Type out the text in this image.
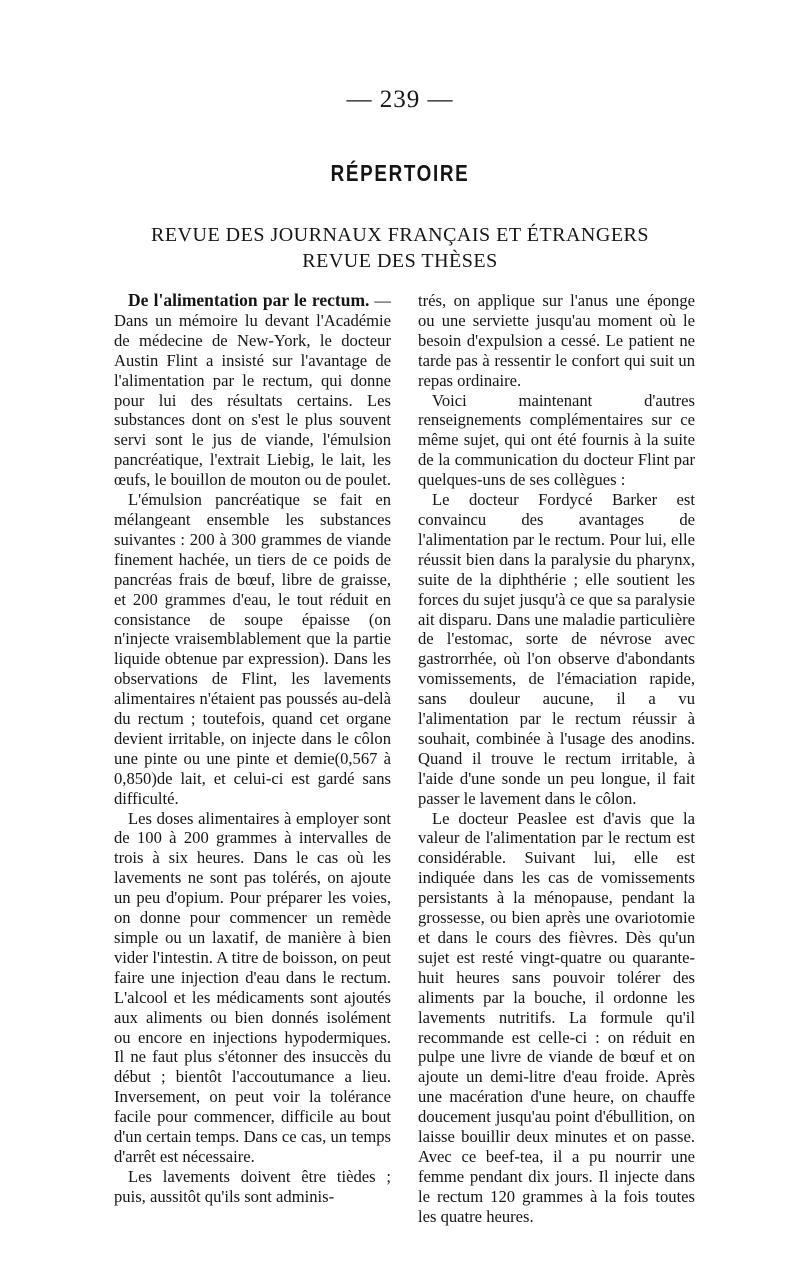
— 239 —
RÉPERTOIRE
REVUE DES JOURNAUX FRANÇAIS ET ÉTRANGERS
REVUE DES THÈSES

De l'alimentation par le rectum. — Dans un mémoire lu devant l'Académie de médecine de New-York, le docteur Austin Flint a insisté sur l'avantage de l'alimentation par le rectum, qui donne pour lui des résultats certains. Les substances dont on s'est le plus souvent servi sont le jus de viande, l'émulsion pancréatique, l'extrait Liebig, le lait, les œufs, le bouillon de mouton ou de poulet.

L'émulsion pancréatique se fait en mélangeant ensemble les substances suivantes : 200 à 300 grammes de viande finement hachée, un tiers de ce poids de pancréas frais de bœuf, libre de graisse, et 200 grammes d'eau, le tout réduit en consistance de soupe épaisse (on n'injecte vraisemblablement que la partie liquide obtenue par expression). Dans les observations de Flint, les lavements alimentaires n'étaient pas poussés au-delà du rectum ; toutefois, quand cet organe devient irritable, on injecte dans le côlon une pinte ou une pinte et demie(0,567 à 0,850)de lait, et celui-ci est gardé sans difficulté.

Les doses alimentaires à employer sont de 100 à 200 grammes à intervalles de trois à six heures. Dans le cas où les lavements ne sont pas tolérés, on ajoute un peu d'opium. Pour préparer les voies, on donne pour commencer un remède simple ou un laxatif, de manière à bien vider l'intestin. A titre de boisson, on peut faire une injection d'eau dans le rectum. L'alcool et les médicaments sont ajoutés aux aliments ou bien donnés isolément ou encore en injections hypodermiques. Il ne faut plus s'étonner des insuccès du début ; bientôt l'accoutumance a lieu. Inversement, on peut voir la tolérance facile pour commencer, difficile au bout d'un certain temps. Dans ce cas, un temps d'arrêt est nécessaire.

Les lavements doivent être tièdes ; puis, aussitôt qu'ils sont adminis-

trés, on applique sur l'anus une éponge ou une serviette jusqu'au moment où le besoin d'expulsion a cessé. Le patient ne tarde pas à ressentir le confort qui suit un repas ordinaire.

Voici maintenant d'autres renseignements complémentaires sur ce même sujet, qui ont été fournis à la suite de la communication du docteur Flint par quelques-uns de ses collègues :

Le docteur Fordycé Barker est convaincu des avantages de l'alimentation par le rectum. Pour lui, elle réussit bien dans la paralysie du pharynx, suite de la diphthérie ; elle soutient les forces du sujet jusqu'à ce que sa paralysie ait disparu. Dans une maladie particulière de l'estomac, sorte de névrose avec gastrorrhée, où l'on observe d'abondants vomissements, de l'émaciation rapide, sans douleur aucune, il a vu l'alimentation par le rectum réussir à souhait, combinée à l'usage des anodins. Quand il trouve le rectum irritable, à l'aide d'une sonde un peu longue, il fait passer le lavement dans le côlon.

Le docteur Peaslee est d'avis que la valeur de l'alimentation par le rectum est considérable. Suivant lui, elle est indiquée dans les cas de vomissements persistants à la ménopause, pendant la grossesse, ou bien après une ovariotomie et dans le cours des fièvres. Dès qu'un sujet est resté vingt-quatre ou quarante-huit heures sans pouvoir tolérer des aliments par la bouche, il ordonne les lavements nutritifs. La formule qu'il recommande est celle-ci : on réduit en pulpe une livre de viande de bœuf et on ajoute un demi-litre d'eau froide. Après une macération d'une heure, on chauffe doucement jusqu'au point d'ébullition, on laisse bouillir deux minutes et on passe. Avec ce beef-tea, il a pu nourrir une femme pendant dix jours. Il injecte dans le rectum 120 grammes à la fois toutes les quatre heures.
